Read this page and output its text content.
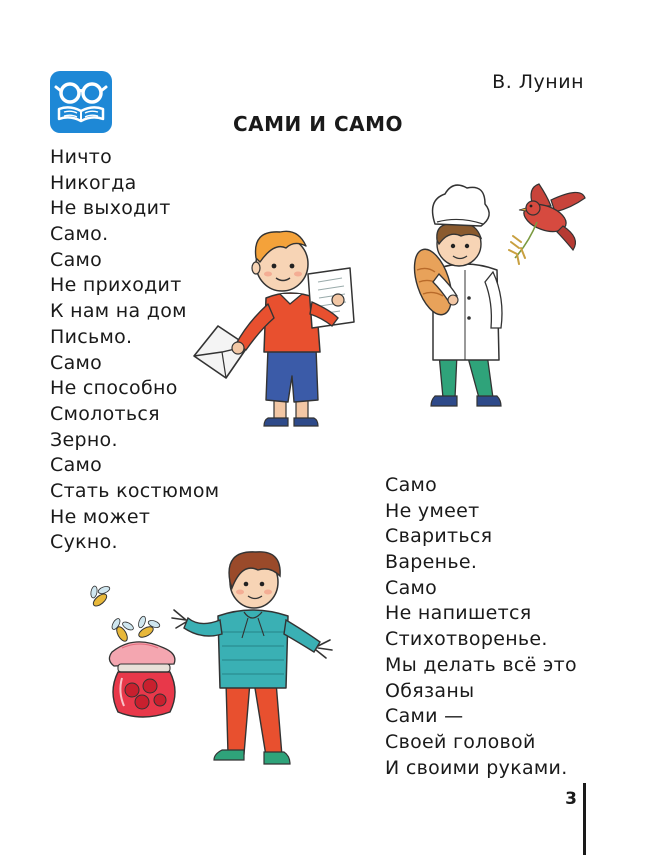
В. Лунин
САМИ И САМО
Ничто
Никогда
Не выходит
Само.
Само
Не приходит
К нам на дом
Письмо.
Само
Не способно
Смолоться
Зерно.
Само
Стать костюмом
Не может
Сукно.
Само
Не умеет
Свариться
Варенье.
Само
Не напишется
Стихотворенье.
Мы делать всё это
Обязаны
Сами —
Своей головой
И своими руками.
3
